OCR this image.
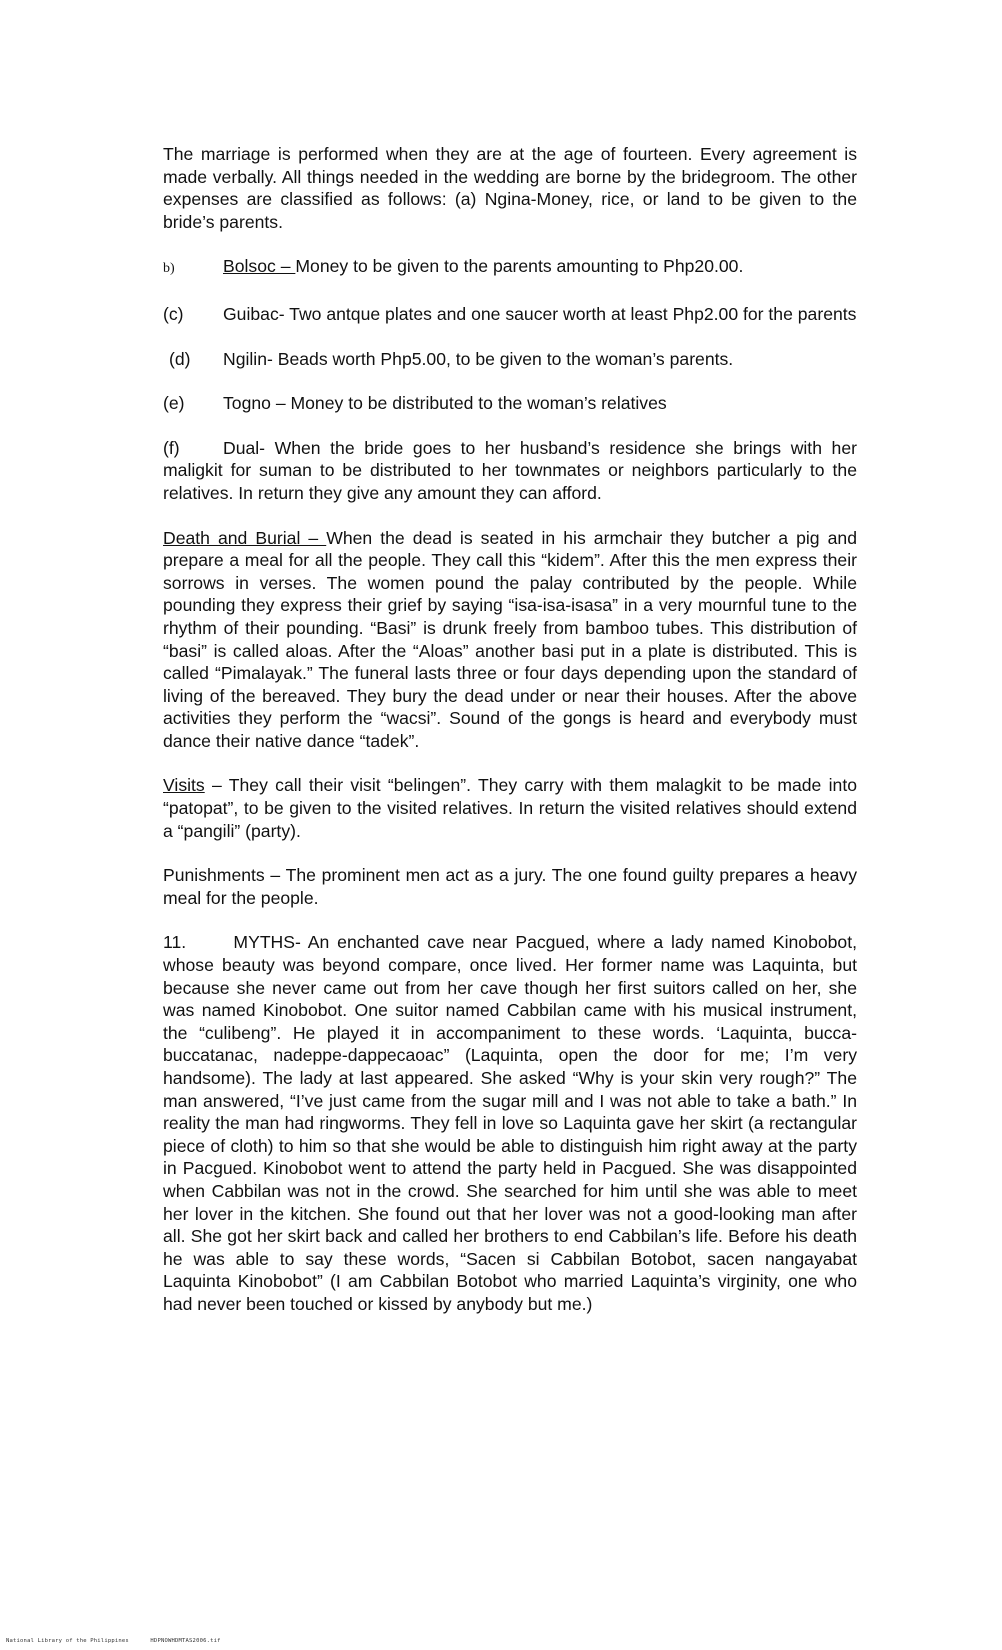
The marriage is performed when they are at the age of fourteen. Every agreement is made verbally. All things needed in the wedding are borne by the bridegroom. The other expenses are classified as follows: (a) Ngina-Money, rice, or land to be given to the bride’s parents.

b)	Bolsoc – Money to be given to the parents amounting to Php20.00.

(c) Guibac- Two antque plates and one saucer worth at least Php2.00 for the parents

(d) Ngilin- Beads worth Php5.00, to be given to the woman’s parents.

(e) Togno – Money to be distributed to the woman’s relatives

(f) Dual- When the bride goes to her husband’s residence she brings with her maligkit for suman to be distributed to her townmates or neighbors particularly to the relatives. In return they give any amount they can afford.

Death and Burial – When the dead is seated in his armchair they butcher a pig and prepare a meal for all the people. They call this “kidem”. After this the men express their sorrows in verses. The women pound the palay contributed by the people. While pounding they express their grief by saying “isa-isa-isasa” in a very mournful tune to the rhythm of their pounding. “Basi” is drunk freely from bamboo tubes. This distribution of “basi” is called aloas. After the “Aloas” another basi put in a plate is distributed. This is called “Pimalayak.” The funeral lasts three or four days depending upon the standard of living of the bereaved. They bury the dead under or near their houses. After the above activities they perform the “wacsi”. Sound of the gongs is heard and everybody must dance their native dance “tadek”.

Visits – They call their visit “belingen”. They carry with them malagkit to be made into “patopat”, to be given to the visited relatives. In return the visited relatives should extend a “pangili” (party).

Punishments – The prominent men act as a jury. The one found guilty prepares a heavy meal for the people.

11.	MYTHS- An enchanted cave near Pacgued, where a lady named Kinobobot, whose beauty was beyond compare, once lived. Her former name was Laquinta, but because she never came out from her cave though her first suitors called on her, she was named Kinobobot. One suitor named Cabbilan came with his musical instrument, the “culibeng”. He played it in accompaniment to these words. ‘Laquinta, bucca-buccatanac, nadeppe-dappecaoac” (Laquinta, open the door for me; I’m very handsome). The lady at last appeared. She asked “Why is your skin very rough?” The man answered, “I’ve just came from the sugar mill and I was not able to take a bath.” In reality the man had ringworms. They fell in love so Laquinta gave her skirt (a rectangular piece of cloth) to him so that she would be able to distinguish him right away at the party in Pacgued. Kinobobot went to attend the party held in Pacgued. She was disappointed when Cabbilan was not in the crowd. She searched for him until she was able to meet her lover in the kitchen. She found out that her lover was not a good-looking man after all. She got her skirt back and called her brothers to end Cabbilan’s life. Before his death he was able to say these words, “Sacen si Cabbilan Botobot, sacen nangayabat Laquinta Kinobobot” (I am Cabbilan Botobot who married Laquinta’s virginity, one who had never been touched or kissed by anybody but me.)

National Library of the Philippines	HDPNOWHDMTAS2006.tif
